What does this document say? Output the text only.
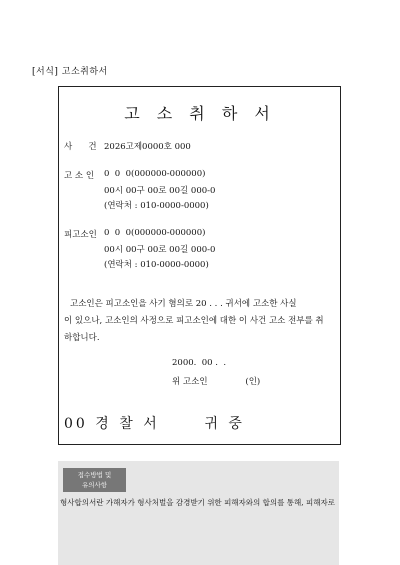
[서식] 고소취하서
고 소 취 하 서
사      건 2026고제0000호 000
고 소 인 0  0  0(000000-000000)
00시 00구 00로 00길 000-0
(연락처 : 010-0000-0000)
피고소인 0  0  0(000000-000000)
00시 00구 00로 00길 000-0
(연락처 : 010-0000-0000)
고소인은 피고소인을 사기 혐의로 20 . . . 귀서에 고소한 사실
이 있으나, 고소인의 사정으로 피고소인에 대한 이 사건 고소 전부를 취
하합니다.
2000.  00 .  .
위 고소인              (인)
00 경 찰 서      귀 중
접수방법 및
유의사항
형사합의서란 가해자가 형사처벌을 감경받기 위한 피해자와의 합의를 통해, 피해자로
